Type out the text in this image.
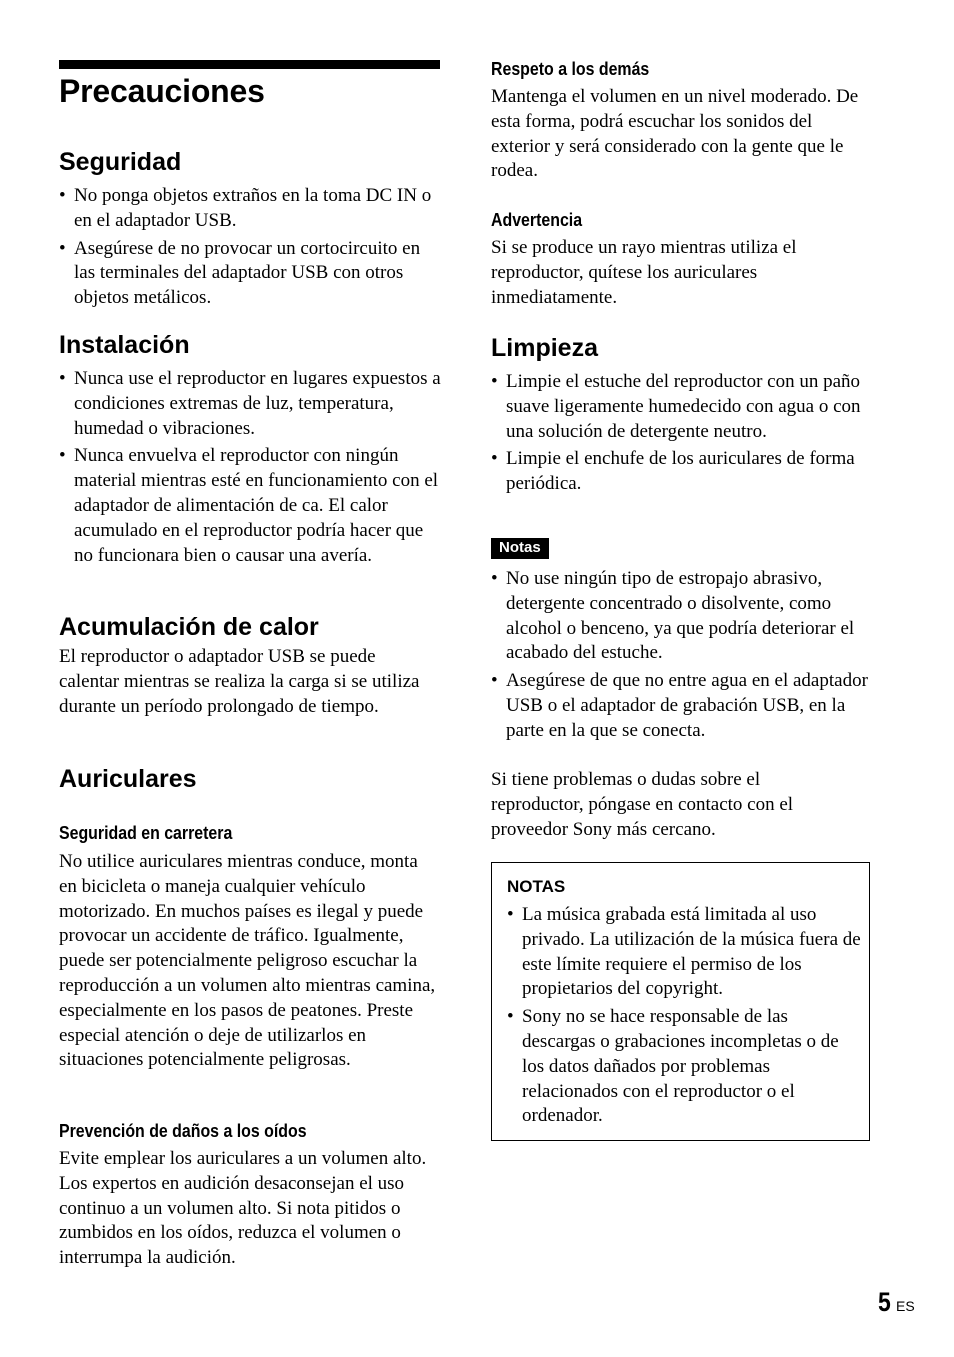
Precauciones
Seguridad
• No ponga objetos extraños en la toma DC IN o en el adaptador USB.
• Asegúrese de no provocar un cortocircuito en las terminales del adaptador USB con otros objetos metálicos.
Instalación
• Nunca use el reproductor en lugares expuestos a condiciones extremas de luz, temperatura, humedad o vibraciones.
• Nunca envuelva el reproductor con ningún material mientras esté en funcionamiento con el adaptador de alimentación de ca. El calor acumulado en el reproductor podría hacer que no funcionara bien o causar una avería.
Acumulación de calor

El reproductor o adaptador USB se puede calentar mientras se realiza la carga si se utiliza durante un período prolongado de tiempo.

Auriculares
Seguridad en carretera

No utilice auriculares mientras conduce, monta en bicicleta o maneja cualquier vehículo motorizado. En muchos países es ilegal y puede provocar un accidente de tráfico. Igualmente, puede ser potencialmente peligroso escuchar la reproducción a un volumen alto mientras camina, especialmente en los pasos de peatones. Preste especial atención o deje de utilizarlos en situaciones potencialmente peligrosas.

Prevención de daños a los oídos

Evite emplear los auriculares a un volumen alto. Los expertos en audición desaconsejan el uso continuo a un volumen alto. Si nota pitidos o zumbidos en los oídos, reduzca el volumen o interrumpa la audición.

Respeto a los demás

Mantenga el volumen en un nivel moderado. De esta forma, podrá escuchar los sonidos del exterior y será considerado con la gente que le rodea.

Advertencia

Si se produce un rayo mientras utiliza el reproductor, quítese los auriculares inmediatamente.

Limpieza
• Limpie el estuche del reproductor con un paño suave ligeramente humedecido con agua o con una solución de detergente neutro.
• Limpie el enchufe de los auriculares de forma periódica.
Notas
• No use ningún tipo de estropajo abrasivo, detergente concentrado o disolvente, como alcohol o benceno, ya que podría deteriorar el acabado del estuche.
• Asegúrese de que no entre agua en el adaptador USB o el adaptador de grabación USB, en la parte en la que se conecta.

Si tiene problemas o dudas sobre el reproductor, póngase en contacto con el proveedor Sony más cercano.

NOTAS
• La música grabada está limitada al uso privado. La utilización de la música fuera de este límite requiere el permiso de los propietarios del copyright.
• Sony no se hace responsable de las descargas o grabaciones incompletas o de los datos dañados por problemas relacionados con el reproductor o el ordenador.
5 ES
